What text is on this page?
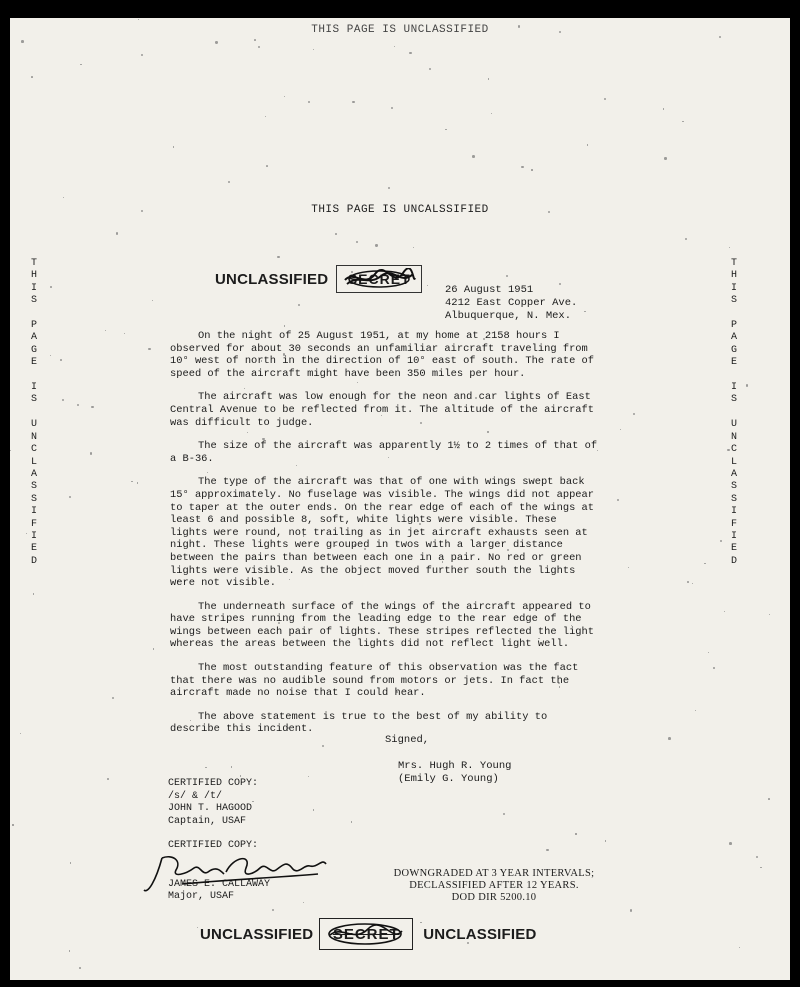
THIS PAGE IS UNCLASSIFIED
THIS PAGE IS UNCALSSIFIED
T
H
I
S

P
A
G
E

I
S

U
N
C
L
A
S
S
I
F
I
E
D
T
H
I
S

P
A
G
E

I
S

U
N
C
L
A
S
S
I
F
I
E
D
UNCLASSIFIED SECRET
26 August 1951
4212 East Copper Ave.
Albuquerque, N. Mex.

On the night of 25 August 1951, at my home at 2158 hours I observed for about 30 seconds an unfamiliar aircraft traveling from 10° west of north in the direction of 10° east of south. The rate of speed of the aircraft might have been 350 miles per hour.

The aircraft was low enough for the neon and car lights of East Central Avenue to be reflected from it. The altitude of the aircraft was difficult to judge.

The size of the aircraft was apparently 1½ to 2 times of that of a B-36.

The type of the aircraft was that of one with wings swept back 15° approximately. No fuselage was visible. The wings did not appear to taper at the outer ends. On the rear edge of each of the wings at least 6 and possible 8, soft, white lights were visible. These lights were round, not trailing as in jet aircraft exhausts seen at night. These lights were grouped in twos with a larger distance between the pairs than between each one in a pair. No red or green lights were visible. As the object moved further south the lights were not visible.

The underneath surface of the wings of the aircraft appeared to have stripes running from the leading edge to the rear edge of the wings between each pair of lights. These stripes reflected the light whereas the areas between the lights did not reflect light well.

The most outstanding feature of this observation was the fact that there was no audible sound from motors or jets. In fact the aircraft made no noise that I could hear.

The above statement is true to the best of my ability to describe this incident.

Signed,
Mrs. Hugh R. Young
(Emily G. Young)
CERTIFIED COPY:
/s/ & /t/
JOHN T. HAGOOD
Captain, USAF
CERTIFIED COPY:
JAMES E. CALLAWAY
Major, USAF
DOWNGRADED AT 3 YEAR INTERVALS;
DECLASSIFIED AFTER 12 YEARS.
DOD DIR 5200.10
UNCLASSIFIED SECRET UNCLASSIFIED
